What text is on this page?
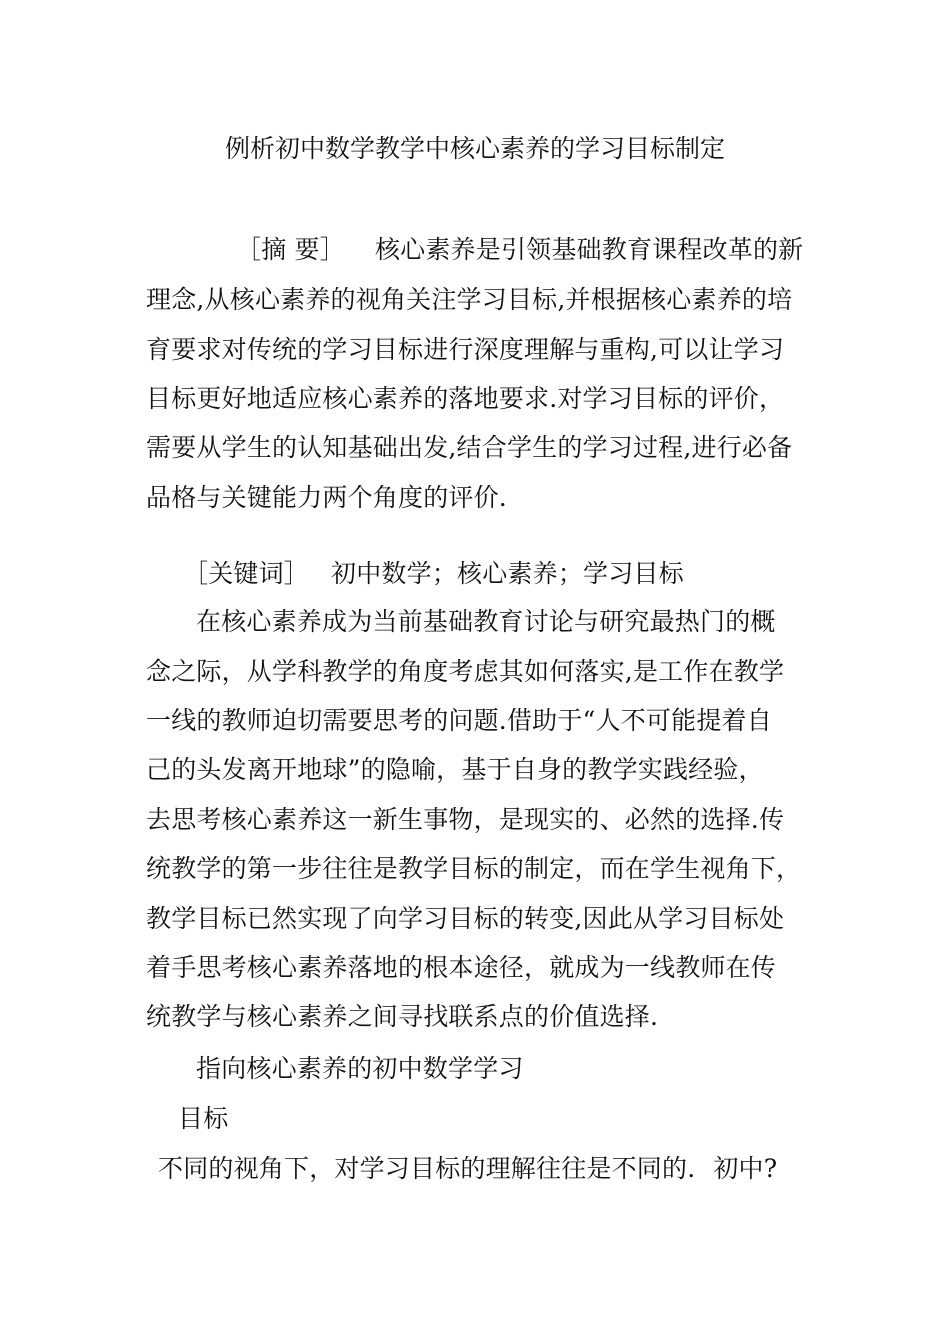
例析初中数学教学中核心素养的学习目标制定
［摘 要］ 核心素养是引领基础教育课程改革的新
理念,从核心素养的视角关注学习目标,并根据核心素养的培
育要求对传统的学习目标进行深度理解与重构,可以让学习
目标更好地适应核心素养的落地要求.对学习目标的评价，
需要从学生的认知基础出发,结合学生的学习过程,进行必备
品格与关键能力两个角度的评价.
［关键词］ 初中数学；核心素养；学习目标
在核心素养成为当前基础教育讨论与研究最热门的概
念之际，从学科教学的角度考虑其如何落实,是工作在教学
一线的教师迫切需要思考的问题.借助于“人不可能提着自
己的头发离开地球”的隐喻，基于自身的教学实践经验，
去思考核心素养这一新生事物，是现实的、必然的选择.传
统教学的第一步往往是教学目标的制定，而在学生视角下，
教学目标已然实现了向学习目标的转变,因此从学习目标处
着手思考核心素养落地的根本途径，就成为一线教师在传
统教学与核心素养之间寻找联系点的价值选择.
指向核心素养的初中数学学习
目标
不同的视角下，对学习目标的理解往往是不同的. 初中?
